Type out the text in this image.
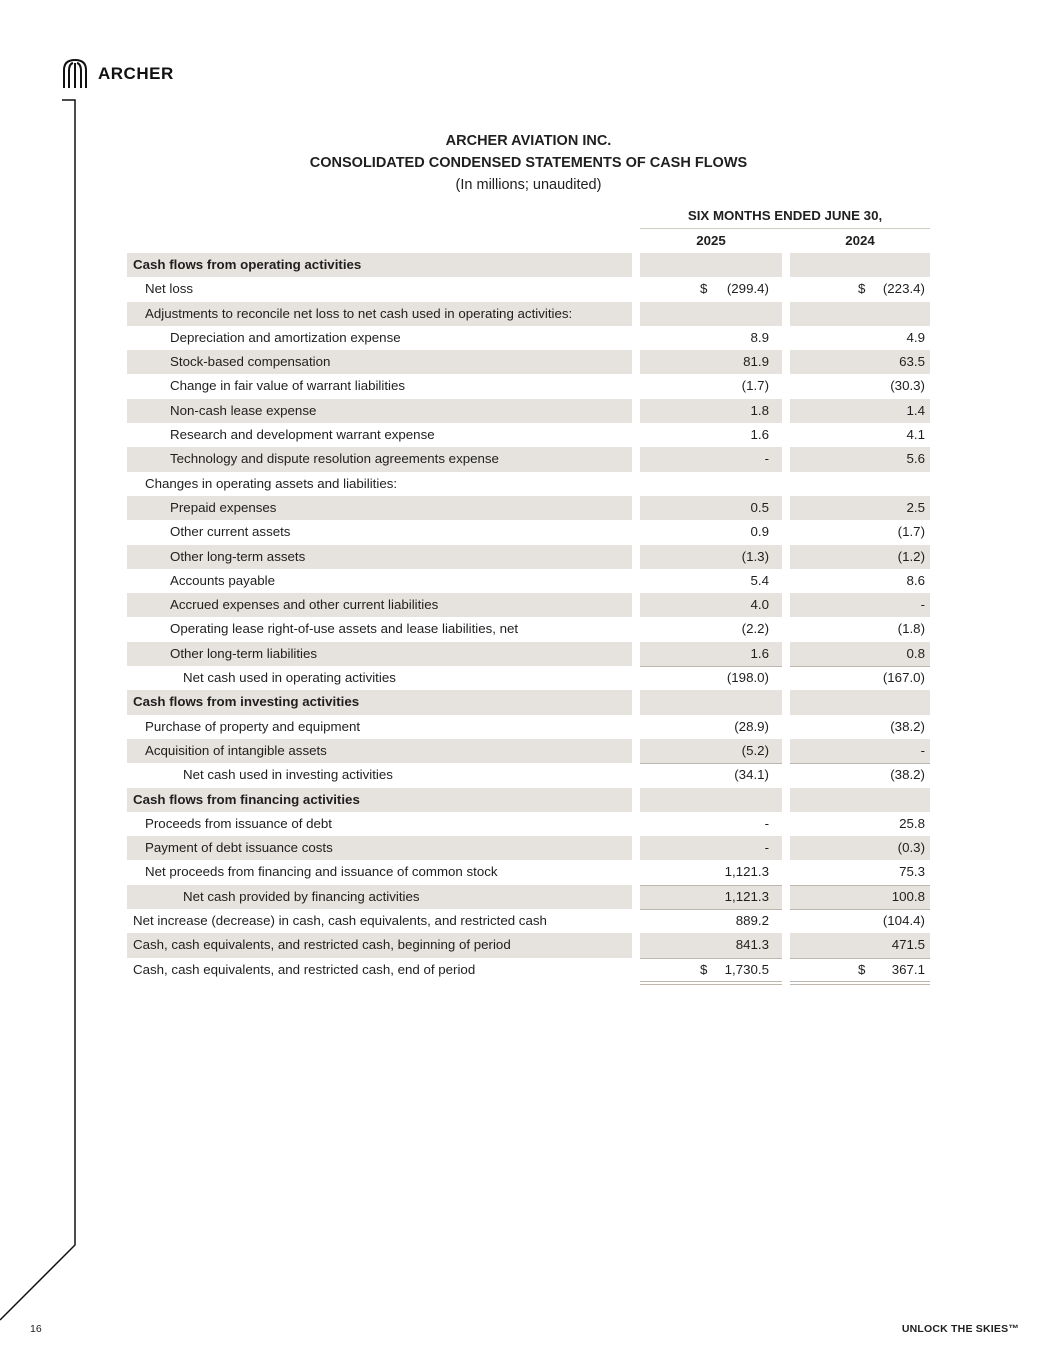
ARCHER
ARCHER AVIATION INC.
CONSOLIDATED CONDENSED STATEMENTS OF CASH FLOWS
(In millions; unaudited)
SIX MONTHS ENDED JUNE 30,
2025	2024
Cash flows from operating activities
Net loss	$	(299.4)	$	(223.4)
Adjustments to reconcile net loss to net cash used in operating activities:
Depreciation and amortization expense	8.9	4.9
Stock-based compensation	81.9	63.5
Change in fair value of warrant liabilities	(1.7)	(30.3)
Non-cash lease expense	1.8	1.4
Research and development warrant expense	1.6	4.1
Technology and dispute resolution agreements expense	-	5.6
Changes in operating assets and liabilities:
Prepaid expenses	0.5	2.5
Other current assets	0.9	(1.7)
Other long-term assets	(1.3)	(1.2)
Accounts payable	5.4	8.6
Accrued expenses and other current liabilities	4.0	-
Operating lease right-of-use assets and lease liabilities, net	(2.2)	(1.8)
Other long-term liabilities	1.6	0.8
Net cash used in operating activities	(198.0)	(167.0)
Cash flows from investing activities
Purchase of property and equipment	(28.9)	(38.2)
Acquisition of intangible assets	(5.2)	-
Net cash used in investing activities	(34.1)	(38.2)
Cash flows from financing activities
Proceeds from issuance of debt	-	25.8
Payment of debt issuance costs	-	(0.3)
Net proceeds from financing and issuance of common stock	1,121.3	75.3
Net cash provided by financing activities	1,121.3	100.8
Net increase (decrease) in cash, cash equivalents, and restricted cash	889.2	(104.4)
Cash, cash equivalents, and restricted cash, beginning of period	841.3	471.5
Cash, cash equivalents, and restricted cash, end of period	$	1,730.5	$	367.1
16	UNLOCK THE SKIES™
